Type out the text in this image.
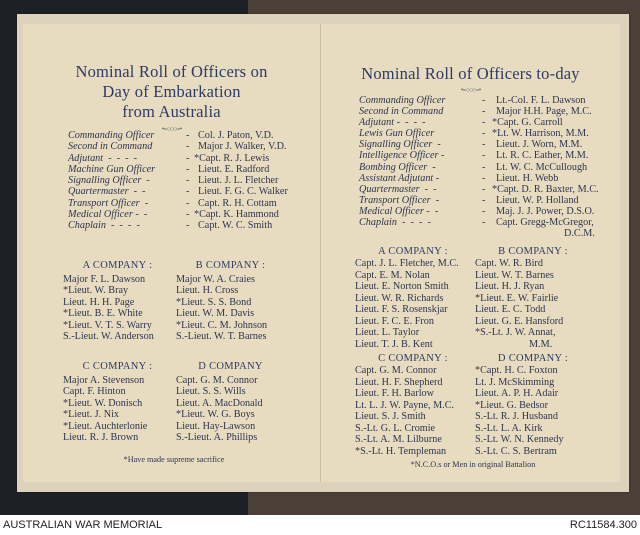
Nominal Roll of Officers on
Day of Embarkation
from Australia
•∘○○○∘•
Commanding Officer	- Col. J. Paton, V.D.
Second in Command	- Major J. Walker, V.D.
Adjutant  -  -  -  -	- *Capt. R. J. Lewis
Machine Gun Officer	- Lieut. E. Radford
Signalling Officer  -	- Lieut. J. L. Fletcher
Quartermaster  -  -	- Lieut. F. G. C. Walker
Transport Officer  -	- Capt. R. H. Cottam
Medical Officer -  -	- *Capt. K. Hammond
Chaplain  -  -  -  -	- Capt. W. C. Smith
A COMPANY :
Major F. L. Dawson
*Lieut. W. Bray
Lieut. H. H. Page
*Lieut. B. E. White
*Lieut. V. T. S. Warry
S.-Lieut. W. Anderson
B COMPANY :
Major W. A. Craies
Lieut. H. Cross
*Lieut. S. S. Bond
Lieut. W. M. Davis
*Lieut. C. M. Johnson
S.-Lieut. W. T. Barnes
C COMPANY :
Major A. Stevenson
Capt. F. Hinton
*Lieut. W. Donisch
*Lieut. J. Nix
*Lieut. Auchterlonie
Lieut. R. J. Brown
D COMPANY
Capt. G. M. Connor
Lieut. S. S. Wills
Lieut. A. MacDonald
*Lieut. W. G. Boys
Lieut. Hay-Lawson
S.-Lieut. A. Phillips
*Have made supreme sacrifice
Nominal Roll of Officers to-day
•∘○○○∘•
Commanding Officer	-	Lt.-Col. F. L. Dawson
Second in Command	-	Major H.H. Page, M.C.
Adjutant -  -  -  -	- *Capt. G. Carroll
Lewis Gun Officer	- *Lt. W. Harrison, M.M.
Signalling Officer  -	-	Lieut. J. Worn, M.M.
Intelligence Officer -	-	Lt. R. C. Eather, M.M.
Bombing Officer  -	-	Lt. W. C. McCullough
Assistant Adjutant -	-	Lieut. H. Webb
Quartermaster  -  -	- *Capt. D. R. Baxter, M.C.
Transport Officer  -	-	Lieut. W. P. Holland
Medical Officer -  -	-	Maj. J. J. Power, D.S.O.
Chaplain  -  -  -  -	-	Capt. Gregg-McGregor,
D.C.M.
A COMPANY :
Capt. J. L. Fletcher, M.C.
Capt. E. M. Nolan
Lieut. E. Norton Smith
Lieut. W. R. Richards
Lieut. F. S. Rosenskjar
Lieut. F. C. E. Fron
Lieut. L. Taylor
Lieut. T. J. B. Kent
B COMPANY :
Capt. W. R. Bird
Lieut. W. T. Barnes
Lieut. H. J. Ryan
*Lieut. E. W. Fairlie
Lieut. E. C. Todd
Lieut. G. E. Hansford
*S.-Lt. J. W. Annat,
M.M.
C COMPANY :
Capt. G. M. Connor
Lieut. H. F. Shepherd
Lieut. F. H. Barlow
Lt. L. J. W. Payne, M.C.
Lieut. S. J. Smith
S.-Lt. G. L. Cromie
S.-Lt. A. M. Lilburne
*S.-Lt. H. Templeman
D COMPANY :
*Capt. H. C. Foxton
Lt. J. McSkimming
Lieut. A. P. H. Adair
*Lieut. G. Bedsor
S.-Lt. R. J. Husband
S.-Lt. L. A. Kirk
S.-Lt. W. N. Kennedy
S.-Lt. C. S. Bertram
*N.C.O.s or Men in original Battalion
AUSTRALIAN WAR MEMORIAL	RC11584.300
